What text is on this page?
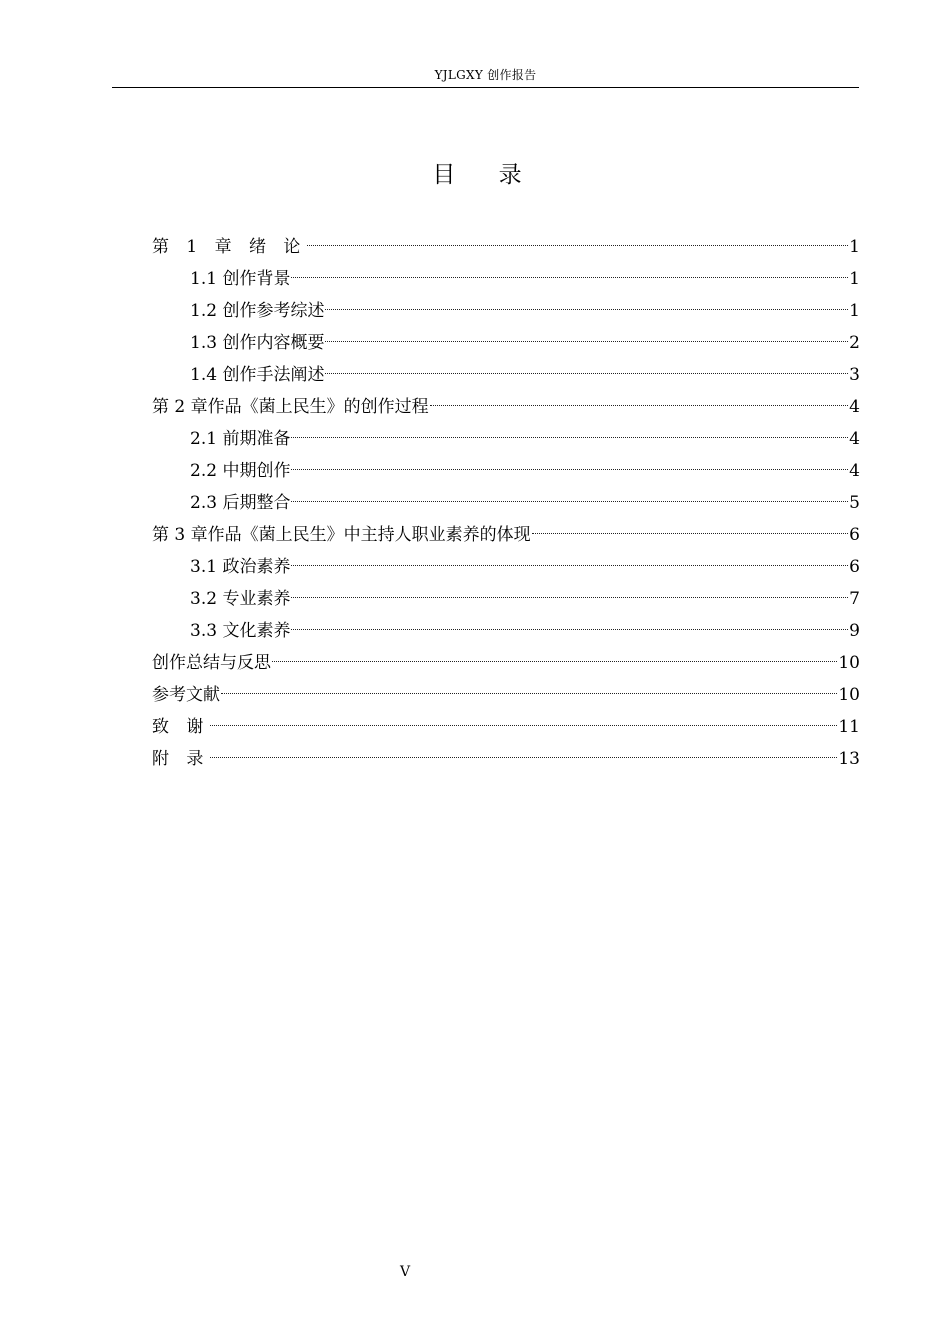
YJLGXY 创作报告
目 录
第 1 章 绪 论	1
1.1 创作背景	1
1.2 创作参考综述	1
1.3 创作内容概要	2
1.4 创作手法阐述	3
第 2 章作品《菌上民生》的创作过程	4
2.1 前期准备	4
2.2 中期创作	4
2.3 后期整合	5
第 3 章作品《菌上民生》中主持人职业素养的体现	6
3.1 政治素养	6
3.2 专业素养	7
3.3 文化素养	9
创作总结与反思	10
参考文献	10
致 谢	11
附 录	13
V
